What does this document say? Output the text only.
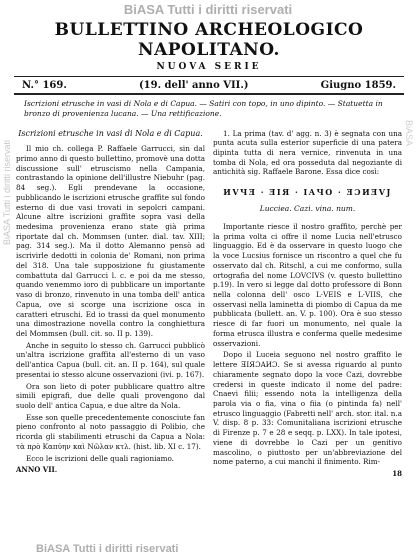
BiASA Tutti i diritti riservati
BiASA Tutti i diritti riservati
BiASA
BiASA Tutti i diritti riservati
BULLETTINO ARCHEOLOGICO NAPOLITANO.
NUOVA SERIE
N.° 169.	(19. dell' anno VII.)	Giugno 1859.
Iscrizioni etrusche in vasi di Nola e di Capua. — Satiri con topo, in uno dipinto. — Statuetta in bronzo di provenienza lucana. — Una rettificazione.
Iscrizioni etrusche in vasi di Nola e di Capua.

Il mio ch. collega P. Raffaele Garrucci, sin dal primo anno di questo bullettino, promovè una dotta discussione sull' etruscismo nella Campania, contrastando la opinione dell'illustre Niebuhr (pag. 84 seg.). Egli prendevane la occasione, pubblicando le iscrizioni etrusche graffite sul fondo esterno di due vasi trovati in sepolcri campani. Alcune altre iscrizioni graffite sopra vasi della medesima provenienza erano state già prima riportate dal ch. Mommsen (unter. dial. tav. XIII; pag. 314 seg.). Ma il dotto Alemanno pensò ad iscrivirle dedotti in colonia de' Romani, non prima del 318. Una tale supposizione fu giustamente combattuta dal Garrucci l. c. e poi da me stesso, quando venemmo ioro di pubblicare un importante vaso di bronzo, rinvenuto in una tomba dell' antica Capua, ove si scorge una iscrizione osca in caratteri etruschi. Ed io trassi da quel monumento una dimostrazione novella contro la conghiettura del Mommsen (bull. cit. so. II p. 139).

Anche in seguito lo stesso ch. Garrucci pubblicò un'altra iscrizione graffita all'esterno di un vaso dell'antica Capua (bull. cit. an. II p. 164), sul quale presentai io stesso alcune osservazioni (ivi. p. 167).

Ora son lieto di poter pubblicare quattro altre simili epigrafi, due delle quali provengono dal suolo dell' antica Capua, e due altre da Nola.

Esse son quelle precedentemente conosciute fan pieno confronto al noto passaggio di Polibio, che ricorda gli stabilimenti etruschi da Capua a Nola: τὰ πρὸ Καπύην καὶ Νῶλαν κτλ. (hist. lib. XI c. 17).

Ecco le iscrizioni delle quali ragioniamo.

ANNO VII.

1. La prima (tav. d' agg. n. 3) è segnata con una punta acuta sulla esterior superficie di una patera dipinta tutta di nera vernice, rinvenuta in una tomba di Nola, ed ora posseduta dal negoziante di antichità sig. Raffaele Barone. Essa dice così:

ИVЧƎ · ƎIЯ · IAЧO · ƎƆИƎVJ
Lucciea. Cazi. vina. num.

Importante riesce il nostro graffito, perchè per la prima volta ci offre il nome Lucia nell'etrusco linguaggio. Ed è da osservare in questo luogo che la voce Lucsius fornisce un riscontro a quel che fu osservato dal ch. Ritschl, a cui me conformo, sulla ortografia del nome LOVCIVS (v. questo bullettino p.19). In vero si legge dal dotto professore di Bonn nella colonna dell' osco L·VEIS e L·VIIS, che osservasi nella laminetta di piombo di Capua da me pubblicata (bullett. an. V. p. 100). Ora è suo stesso riesce di far fuori un monumento, nel quale la forma etrusca illustra e conferma quelle medesime osservazioni.

Dopo il Luceia seguono nel nostro graffito le lettere ƎIЯƆAИƆ. Se si avessa riguardo al punto chiaramente segnato dopo la voce Cazi, dovrebbe credersi in queste indicato il nome del padre: Cnaevi filii; essendo nota la intelligenza della parola via o fia, vina o fiia (o pintinda fa) nell' etrusco linguaggio (Fabretti nell' arch. stor. ital. n.a V. disp. 8 p. 33: Comunitaliana iscrizioni etrusche di Firenze p. 7 e 28 e seqq. p. LXX). In tale ipotesi, viene di dovrebbe lo Cazi per un genitivo mascolino, o piuttosto per un'abbreviazione del nome paterno, a cui manchi il finimento. Rim-

18
